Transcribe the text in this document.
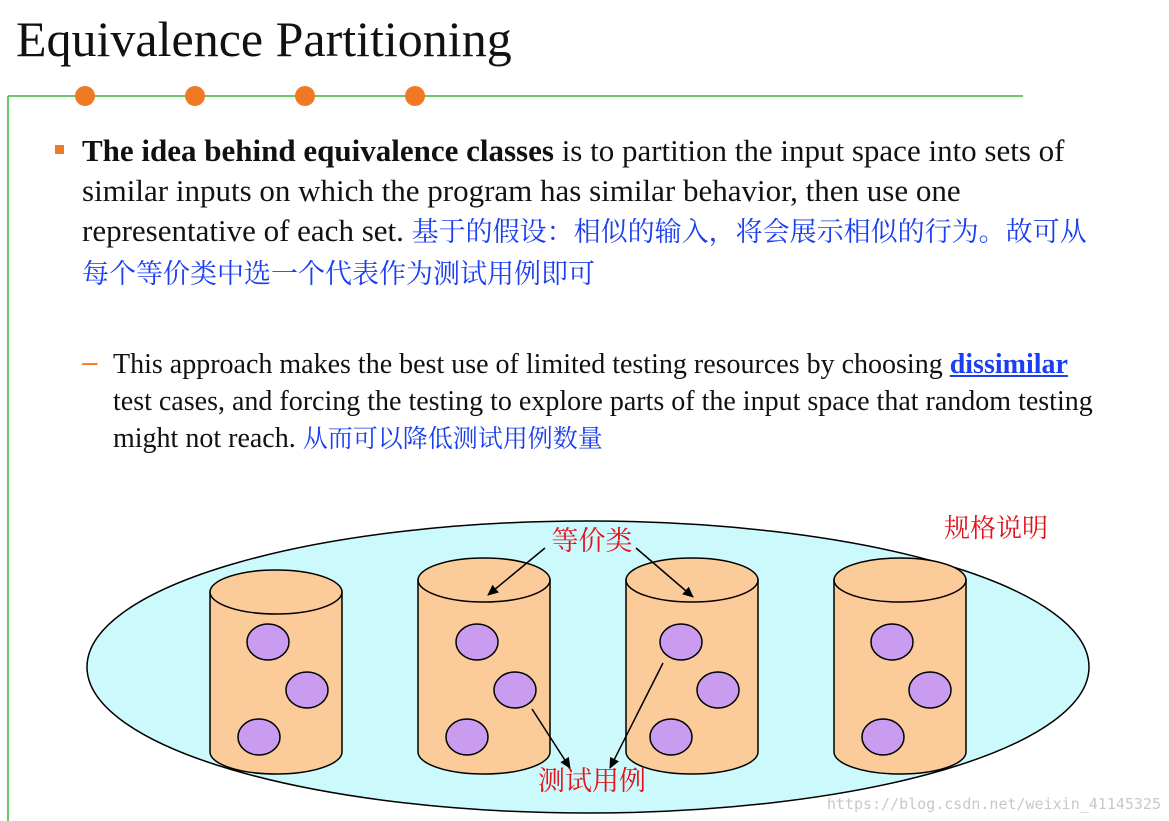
Equivalence Partitioning
The idea behind equivalence classes is to partition the input space into sets of similar inputs on which the program has similar behavior, then use one representative of each set. 基于的假设：相似的输入，将会展示相似的行为。故可从每个等价类中选一个代表作为测试用例即可
– This approach makes the best use of limited testing resources by choosing dissimilar test cases, and forcing the testing to explore parts of the input space that random testing might not reach. 从而可以降低测试用例数量
等价类	规格说明
测试用例
https://blog.csdn.net/weixin_41145325
